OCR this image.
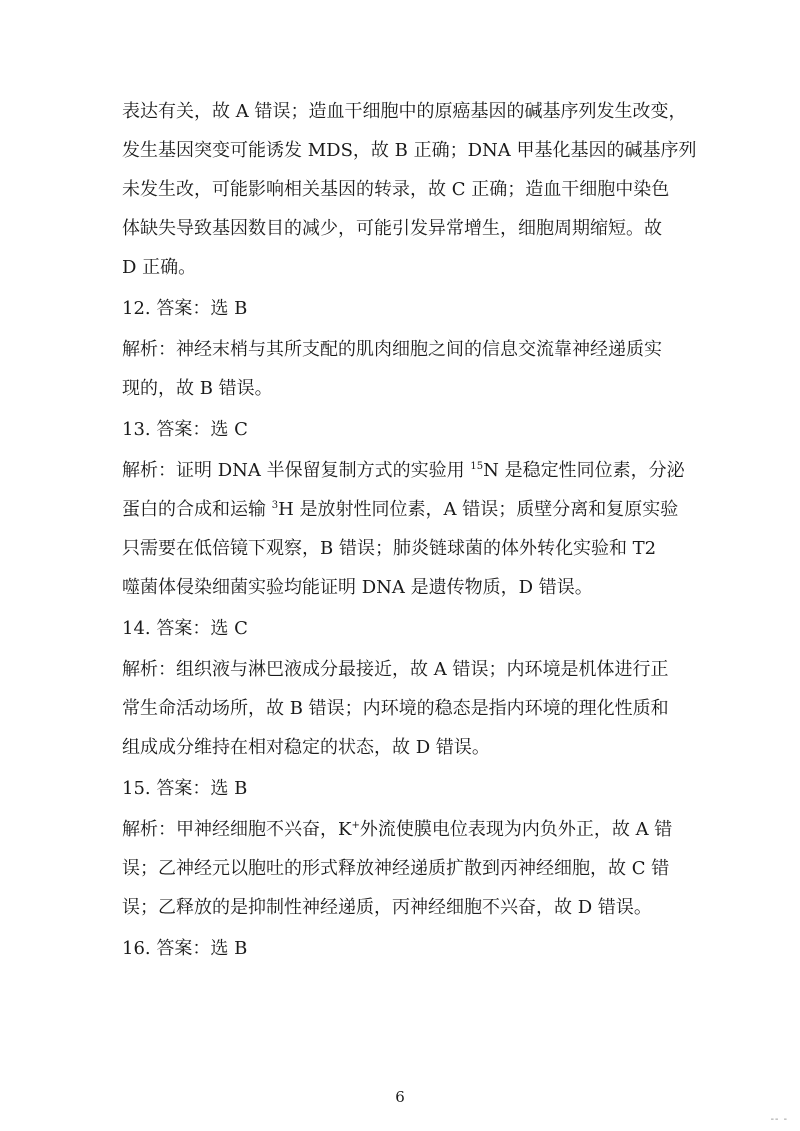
表达有关，故 A 错误；造血干细胞中的原癌基因的碱基序列发生改变，
发生基因突变可能诱发 MDS，故 B 正确；DNA 甲基化基因的碱基序列
未发生改，可能影响相关基因的转录，故 C 正确；造血干细胞中染色
体缺失导致基因数目的减少，可能引发异常增生，细胞周期缩短。故
D 正确。
12. 答案：选 B
解析：神经末梢与其所支配的肌肉细胞之间的信息交流靠神经递质实
现的，故 B 错误。
13. 答案：选 C
解析：证明 DNA 半保留复制方式的实验用 $^{15}$N 是稳定性同位素，分泌
蛋白的合成和运输 $^3$H 是放射性同位素，A 错误；质壁分离和复原实验
只需要在低倍镜下观察，B 错误；肺炎链球菌的体外转化实验和 T2
噬菌体侵染细菌实验均能证明 DNA 是遗传物质，D 错误。
14. 答案：选 C
解析：组织液与淋巴液成分最接近，故 A 错误；内环境是机体进行正
常生命活动场所，故 B 错误；内环境的稳态是指内环境的理化性质和
组成成分维持在相对稳定的状态，故 D 错误。
15. 答案：选 B
解析：甲神经细胞不兴奋，K+外流使膜电位表现为内负外正，故 A 错
误；乙神经元以胞吐的形式释放神经递质扩散到丙神经细胞，故 C 错
误；乙释放的是抑制性神经递质，丙神经细胞不兴奋，故 D 错误。
16. 答案：选 B
6
-- -
